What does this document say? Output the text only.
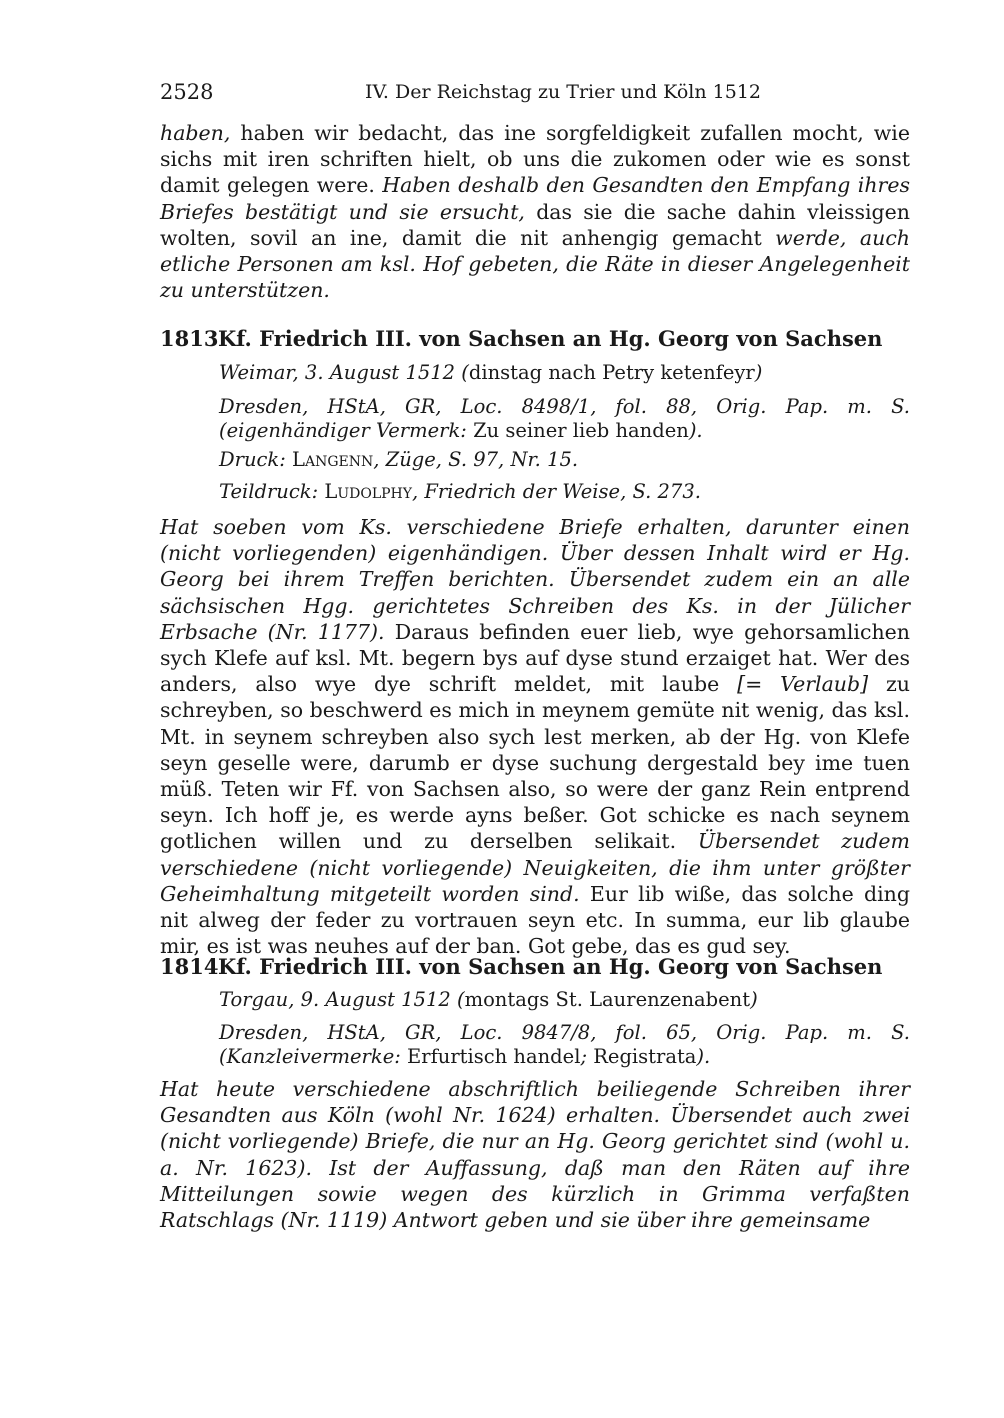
2528	IV. Der Reichstag zu Trier und Köln 1512

haben, haben wir bedacht, das ine sorgfeldigkeit zufallen mocht, wie sichs mit iren schriften hielt, ob uns die zukomen oder wie es sonst damit gelegen were. Haben deshalb den Gesandten den Empfang ihres Briefes bestätigt und sie ersucht, das sie die sache dahin vleissigen wolten, sovil an ine, damit die nit anhengig gemacht werde, auch etliche Personen am ksl. Hof gebeten, die Räte in dieser Angelegenheit zu unterstützen.

1813Kf. Friedrich III. von Sachsen an Hg. Georg von Sachsen
Weimar, 3. August 1512 (dinstag nach Petry ketenfeyr)
Dresden, HStA, GR, Loc. 8498/1, fol. 88, Orig. Pap. m. S. (eigenhändiger Vermerk: Zu seiner lieb handen).
Druck: Langenn, Züge, S. 97, Nr. 15.
Teildruck: Ludolphy, Friedrich der Weise, S. 273.

Hat soeben vom Ks. verschiedene Briefe erhalten, darunter einen (nicht vorliegenden) eigenhändigen. Über dessen Inhalt wird er Hg. Georg bei ihrem Treffen berichten. Übersendet zudem ein an alle sächsischen Hgg. gerichtetes Schreiben des Ks. in der Jülicher Erbsache (Nr. 1177). Daraus befinden euer lieb, wye gehorsamlichen sych Klefe auf ksl. Mt. begern bys auf dyse stund erzaiget hat. Wer des anders, also wye dye schrift meldet, mit laube [= Verlaub] zu schreyben, so beschwerd es mich in meynem gemüte nit wenig, das ksl. Mt. in seynem schreyben also sych lest merken, ab der Hg. von Klefe seyn geselle were, darumb er dyse suchung dergestald bey ime tuen müß. Teten wir Ff. von Sachsen also, so were der ganz Rein entprend seyn. Ich hoff je, es werde ayns beßer. Got schicke es nach seynem gotlichen willen und zu derselben selikait. Übersendet zudem verschiedene (nicht vorliegende) Neuigkeiten, die ihm unter größter Geheimhaltung mitgeteilt worden sind. Eur lib wiße, das solche ding nit alweg der feder zu vortrauen seyn etc. In summa, eur lib glaube mir, es ist was neuhes auf der ban. Got gebe, das es gud sey.

1814Kf. Friedrich III. von Sachsen an Hg. Georg von Sachsen
Torgau, 9. August 1512 (montags St. Laurenzenabent)
Dresden, HStA, GR, Loc. 9847/8, fol. 65, Orig. Pap. m. S. (Kanzleivermerke: Erfurtisch handel; Registrata).

Hat heute verschiedene abschriftlich beiliegende Schreiben ihrer Gesandten aus Köln (wohl Nr. 1624) erhalten. Übersendet auch zwei (nicht vorliegende) Briefe, die nur an Hg. Georg gerichtet sind (wohl u. a. Nr. 1623). Ist der Auffassung, daß man den Räten auf ihre Mitteilungen sowie wegen des kürzlich in Grimma verfaßten Ratschlags (Nr. 1119) Antwort geben und sie über ihre gemeinsame
